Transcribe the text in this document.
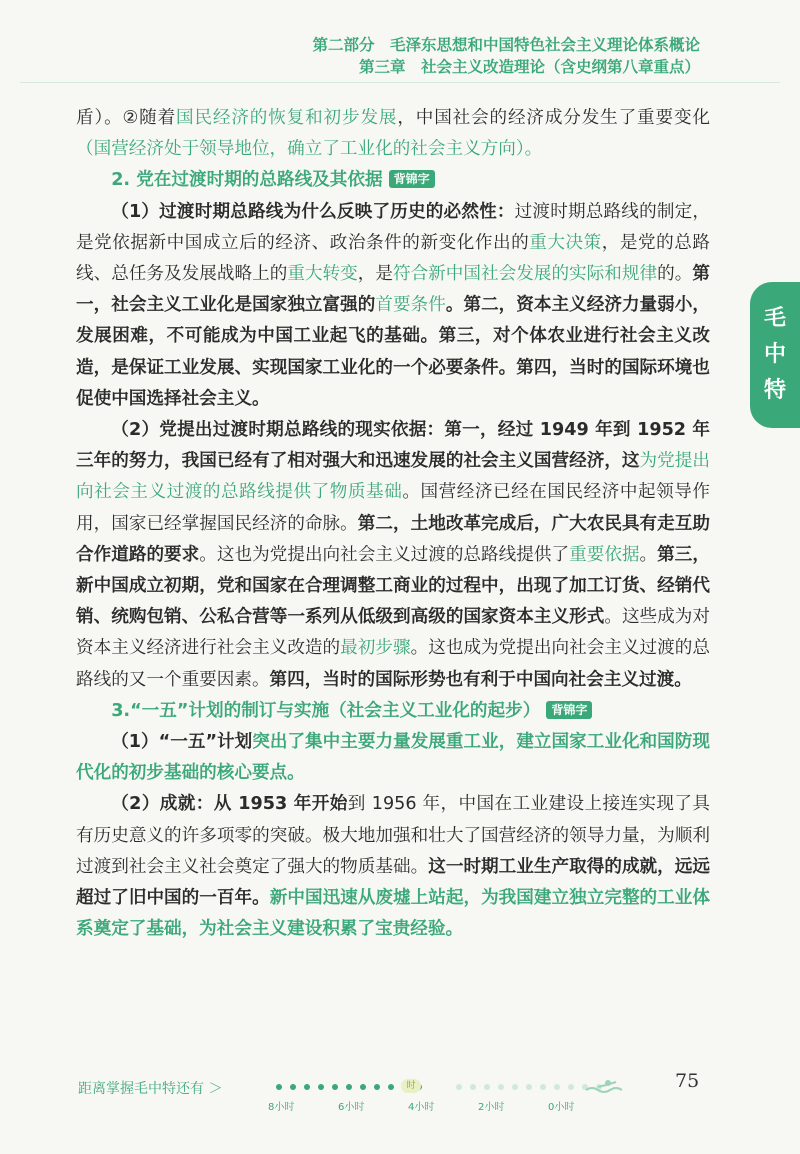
第二部分　毛泽东思想和中国特色社会主义理论体系概论
第三章　社会主义改造理论（含史纲第八章重点）
毛
中
特

盾）。②随着国民经济的恢复和初步发展，中国社会的经济成分发生了重要变化（国营经济处于领导地位，确立了工业化的社会主义方向）。

2. 党在过渡时期的总路线及其依据 背锦字

（1）过渡时期总路线为什么反映了历史的必然性：过渡时期总路线的制定，是党依据新中国成立后的经济、政治条件的新变化作出的重大决策，是党的总路线、总任务及发展战略上的重大转变，是符合新中国社会发展的实际和规律的。第一，社会主义工业化是国家独立富强的首要条件。第二，资本主义经济力量弱小，发展困难，不可能成为中国工业起飞的基础。第三，对个体农业进行社会主义改造，是保证工业发展、实现国家工业化的一个必要条件。第四，当时的国际环境也促使中国选择社会主义。

（2）党提出过渡时期总路线的现实依据：第一，经过 1949 年到 1952 年三年的努力，我国已经有了相对强大和迅速发展的社会主义国营经济，这为党提出向社会主义过渡的总路线提供了物质基础。国营经济已经在国民经济中起领导作用，国家已经掌握国民经济的命脉。第二，土地改革完成后，广大农民具有走互助合作道路的要求。这也为党提出向社会主义过渡的总路线提供了重要依据。第三，新中国成立初期，党和国家在合理调整工商业的过程中，出现了加工订货、经销代销、统购包销、公私合营等一系列从低级到高级的国家资本主义形式。这些成为对资本主义经济进行社会主义改造的最初步骤。这也成为党提出向社会主义过渡的总路线的又一个重要因素。第四，当时的国际形势也有利于中国向社会主义过渡。

3.“一五”计划的制订与实施（社会主义工业化的起步） 背锦字

（1）“一五”计划突出了集中主要力量发展重工业，建立国家工业化和国防现代化的初步基础的核心要点。

（2）成就：从 1953 年开始到 1956 年，中国在工业建设上接连实现了具有历史意义的许多项零的突破。极大地加强和壮大了国营经济的领导力量，为顺利过渡到社会主义社会奠定了强大的物质基础。这一时期工业生产取得的成就，远远超过了旧中国的一百年。新中国迅速从废墟上站起，为我国建立独立完整的工业体系奠定了基础，为社会主义建设积累了宝贵经验。

距离掌握毛中特还有 ＞	时
8小时	6小时	4小时	2小时	0小时
75
